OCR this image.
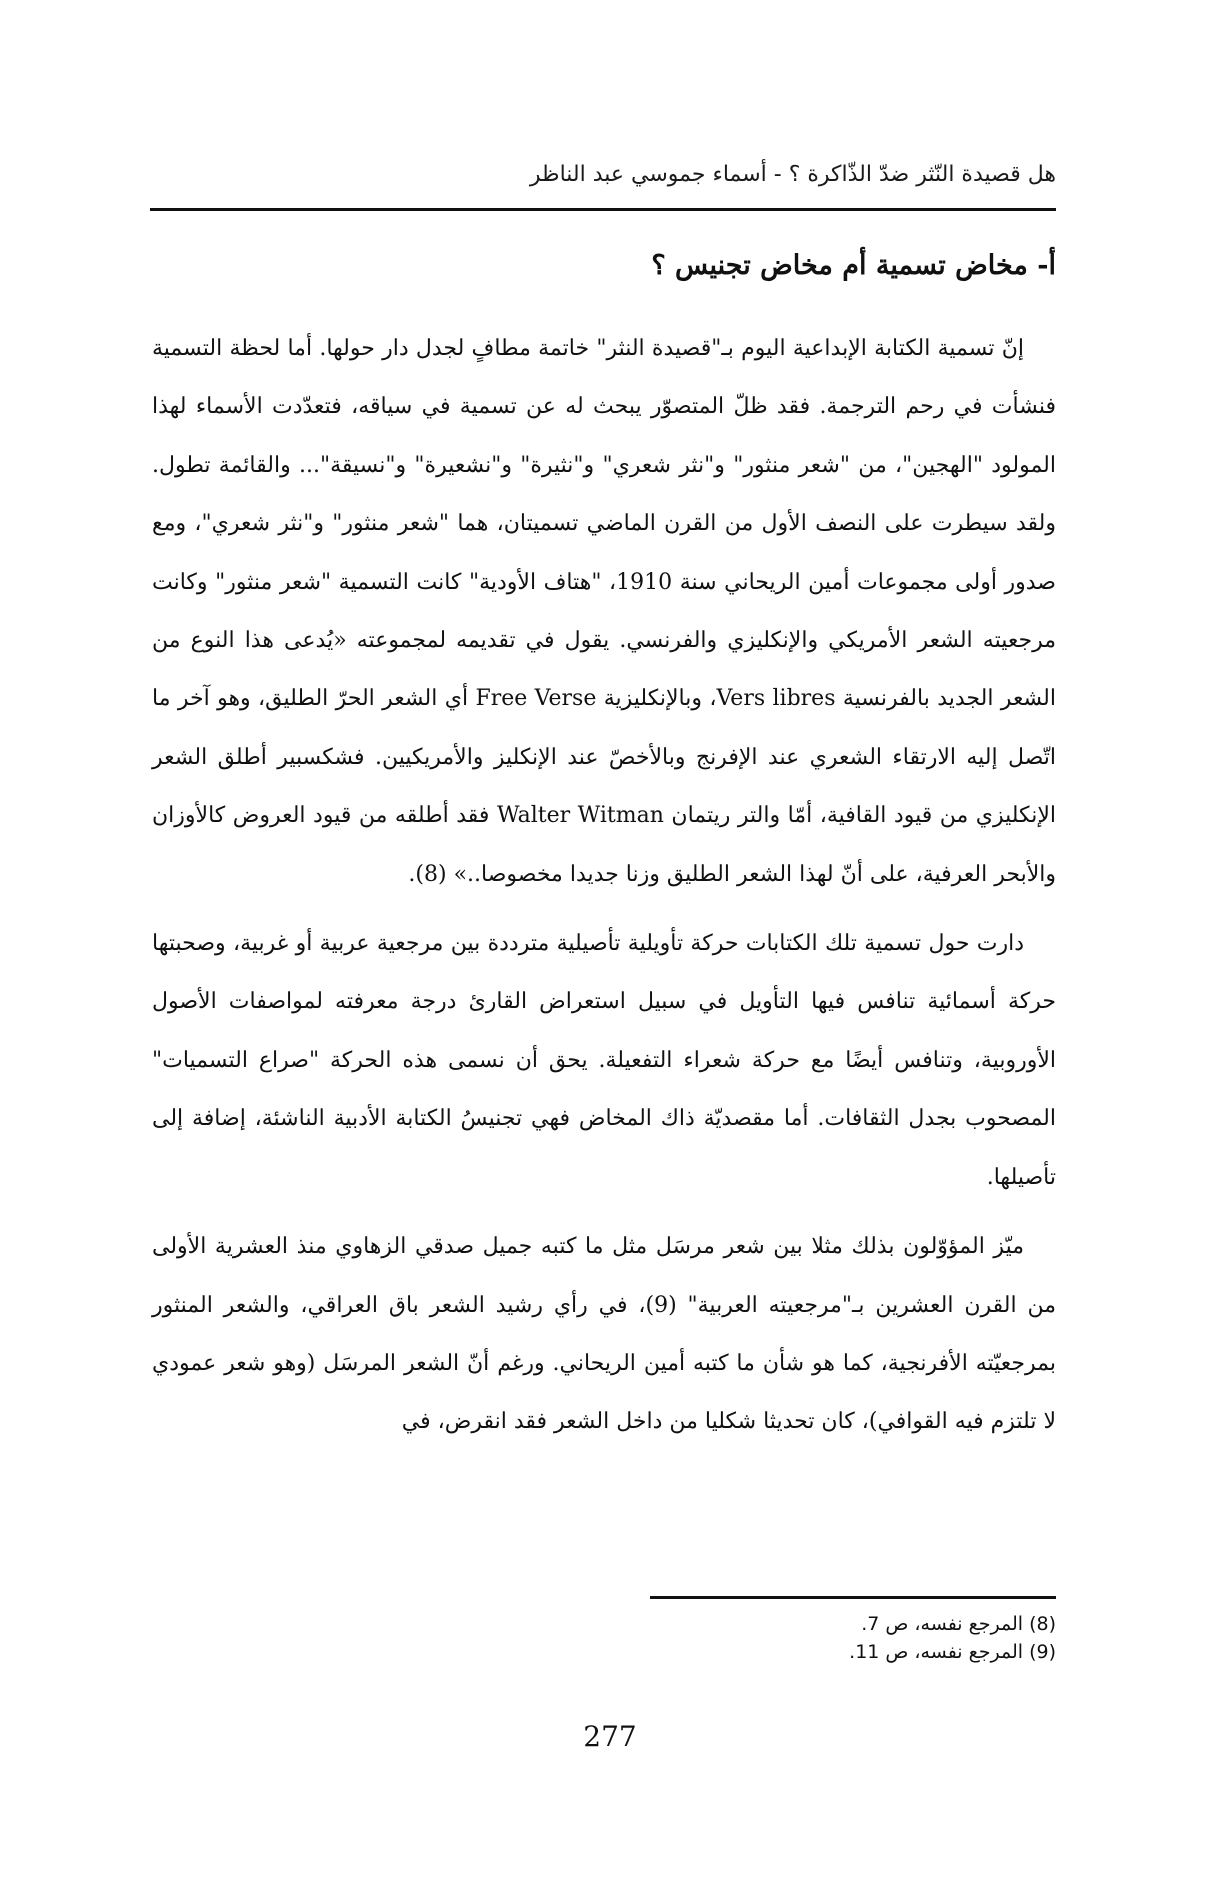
هل قصيدة النّثر ضدّ الذّاكرة ؟ - أسماء جموسي عبد الناظر
أ- مخاض تسمية أم مخاض تجنيس ؟

إنّ تسمية الكتابة الإبداعية اليوم بـ"قصيدة النثر" خاتمة مطافٍ لجدل دار حولها. أما لحظة التسمية فنشأت في رحم الترجمة. فقد ظلّ المتصوّر يبحث له عن تسمية في سياقه، فتعدّدت الأسماء لهذا المولود "الهجين"، من "شعر منثور" و"نثر شعري" و"نثيرة" و"نشعيرة" و"نسيقة"... والقائمة تطول. ولقد سيطرت على النصف الأول من القرن الماضي تسميتان، هما "شعر منثور" و"نثر شعري"، ومع صدور أولى مجموعات أمين الريحاني سنة 1910، "هتاف الأودية" كانت التسمية "شعر منثور" وكانت مرجعيته الشعر الأمريكي والإنكليزي والفرنسي. يقول في تقديمه لمجموعته «يُدعى هذا النوع من الشعر الجديد بالفرنسية Vers libres، وبالإنكليزية Free Verse أي الشعر الحرّ الطليق، وهو آخر ما اتّصل إليه الارتقاء الشعري عند الإفرنج وبالأخصّ عند الإنكليز والأمريكيين. فشكسبير أطلق الشعر الإنكليزي من قيود القافية، أمّا والتر ريتمان Walter Witman فقد أطلقه من قيود العروض كالأوزان والأبحر العرفية، على أنّ لهذا الشعر الطليق وزنا جديدا مخصوصا..» (8).

دارت حول تسمية تلك الكتابات حركة تأويلية تأصيلية مترددة بين مرجعية عربية أو غربية، وصحبتها حركة أسمائية تنافس فيها التأويل في سبيل استعراض القارئ درجة معرفته لمواصفات الأصول الأوروبية، وتنافس أيضًا مع حركة شعراء التفعيلة. يحق أن نسمى هذه الحركة "صراع التسميات" المصحوب بجدل الثقافات. أما مقصديّة ذاك المخاض فهي تجنيسُ الكتابة الأدبية الناشئة، إضافة إلى تأصيلها.

ميّز المؤوّلون بذلك مثلا بين شعر مرسَل مثل ما كتبه جميل صدقي الزهاوي منذ العشرية الأولى من القرن العشرين بـ"مرجعيته العربية" (9)، في رأي رشيد الشعر باق العراقي، والشعر المنثور بمرجعيّته الأفرنجية، كما هو شأن ما كتبه أمين الريحاني. ورغم أنّ الشعر المرسَل (وهو شعر عمودي لا تلتزم فيه القوافي)، كان تحديثا شكليا من داخل الشعر فقد انقرض، في

(8) المرجع نفسه، ص 7.
(9) المرجع نفسه، ص 11.
277
